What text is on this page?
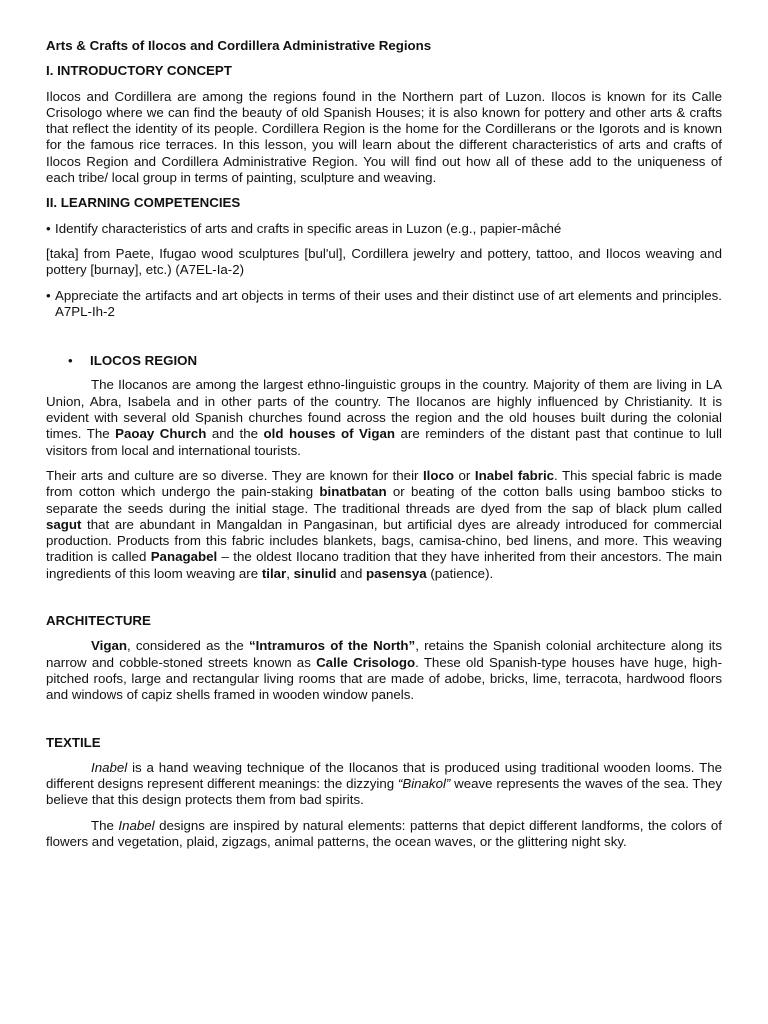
Arts & Crafts of Ilocos and Cordillera Administrative Regions
I. INTRODUCTORY CONCEPT

Ilocos and Cordillera are among the regions found in the Northern part of Luzon. Ilocos is known for its Calle Crisologo where we can find the beauty of old Spanish Houses; it is also known for pottery and other arts & crafts that reflect the identity of its people. Cordillera Region is the home for the Cordillerans or the Igorots and is known for the famous rice terraces. In this lesson, you will learn about the different characteristics of arts and crafts of Ilocos Region and Cordillera Administrative Region. You will find out how all of these add to the uniqueness of each tribe/ local group in terms of painting, sculpture and weaving.

II. LEARNING COMPETENCIES
• Identify characteristics of arts and crafts in specific areas in Luzon (e.g., papier-mâché

[taka] from Paete, Ifugao wood sculptures [bul'ul], Cordillera jewelry and pottery, tattoo, and Ilocos weaving and pottery [burnay], etc.) (A7EL-Ia-2)

• Appreciate the artifacts and art objects in terms of their uses and their distinct use of art elements and principles. A7PL-Ih-2
•	ILOCOS REGION

The Ilocanos are among the largest ethno-linguistic groups in the country. Majority of them are living in LA Union, Abra, Isabela and in other parts of the country. The Ilocanos are highly influenced by Christianity. It is evident with several old Spanish churches found across the region and the old houses built during the colonial times. The Paoay Church and the old houses of Vigan are reminders of the distant past that continue to lull visitors from local and international tourists.

Their arts and culture are so diverse. They are known for their Iloco or Inabel fabric. This special fabric is made from cotton which undergo the pain-staking binatbatan or beating of the cotton balls using bamboo sticks to separate the seeds during the initial stage. The traditional threads are dyed from the sap of black plum called sagut that are abundant in Mangaldan in Pangasinan, but artificial dyes are already introduced for commercial production. Products from this fabric includes blankets, bags, camisa-chino, bed linens, and more. This weaving tradition is called Panagabel – the oldest Ilocano tradition that they have inherited from their ancestors. The main ingredients of this loom weaving are tilar, sinulid and pasensya (patience).

ARCHITECTURE

Vigan, considered as the “Intramuros of the North”, retains the Spanish colonial architecture along its narrow and cobble-stoned streets known as Calle Crisologo. These old Spanish-type houses have huge, high-pitched roofs, large and rectangular living rooms that are made of adobe, bricks, lime, terracota, hardwood floors and windows of capiz shells framed in wooden window panels.

TEXTILE

Inabel is a hand weaving technique of the Ilocanos that is produced using traditional wooden looms. The different designs represent different meanings: the dizzying “Binakol” weave represents the waves of the sea. They believe that this design protects them from bad spirits.

The Inabel designs are inspired by natural elements: patterns that depict different landforms, the colors of flowers and vegetation, plaid, zigzags, animal patterns, the ocean waves, or the glittering night sky.
